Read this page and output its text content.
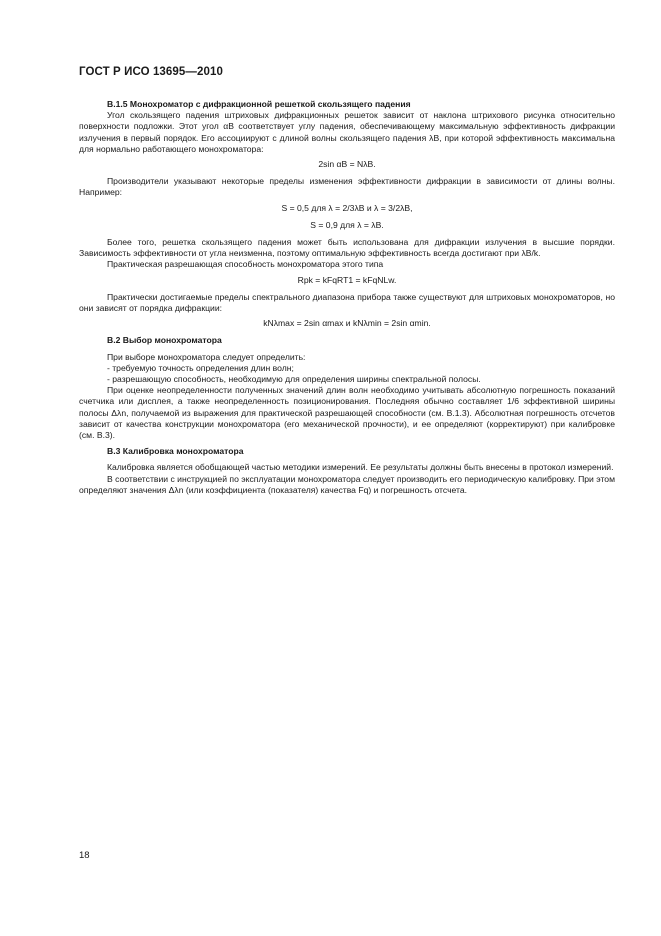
ГОСТ Р ИСО 13695—2010

В.1.5 Монохроматор с дифракционной решеткой скользящего падения

Угол скользящего падения штриховых дифракционных решеток зависит от наклона штрихового рисунка относительно поверхности подложки. Этот угол αB соответствует углу падения, обеспечивающему максимальную эффективность дифракции излучения в первый порядок. Его ассоциируют с длиной волны скользящего падения λB, при которой эффективность максимальна для нормально работающего монохроматора:

2sin αB = NλB.

Производители указывают некоторые пределы изменения эффективности дифракции в зависимости от длины волны. Например:

S = 0,5 для λ = 2/3λB и λ = 3/2λB,

S = 0,9 для λ = λB.

Более того, решетка скользящего падения может быть использована для дифракции излучения в высшие порядки. Зависимость эффективности от угла неизменна, поэтому оптимальную эффективность всегда достигают при λB/k.

Практическая разрешающая способность монохроматора этого типа

Rpk = kFqRT1 = kFqNLw.

Практически достигаемые пределы спектрального диапазона прибора также существуют для штриховых монохроматоров, но они зависят от порядка дифракции:

kNλmax = 2sin αmax и kNλmin = 2sin αmin.

В.2 Выбор монохроматора

При выборе монохроматора следует определить:

- требуемую точность определения длин волн;

- разрешающую способность, необходимую для определения ширины спектральной полосы.

При оценке неопределенности полученных значений длин волн необходимо учитывать абсолютную погрешность показаний счетчика или дисплея, а также неопределенность позиционирования. Последняя обычно составляет 1/6 эффективной ширины полосы Δλn, получаемой из выражения для практической разрешающей способности (см. В.1.3). Абсолютная погрешность отсчетов зависит от качества конструкции монохроматора (его механической прочности), и ее определяют (корректируют) при калибровке (см. В.3).

В.3 Калибровка монохроматора

Калибровка является обобщающей частью методики измерений. Ее результаты должны быть внесены в протокол измерений.

В соответствии с инструкцией по эксплуатации монохроматора следует производить его периодическую калибровку. При этом определяют значения Δλn (или коэффициента (показателя) качества Fq) и погрешность отсчета.

18
